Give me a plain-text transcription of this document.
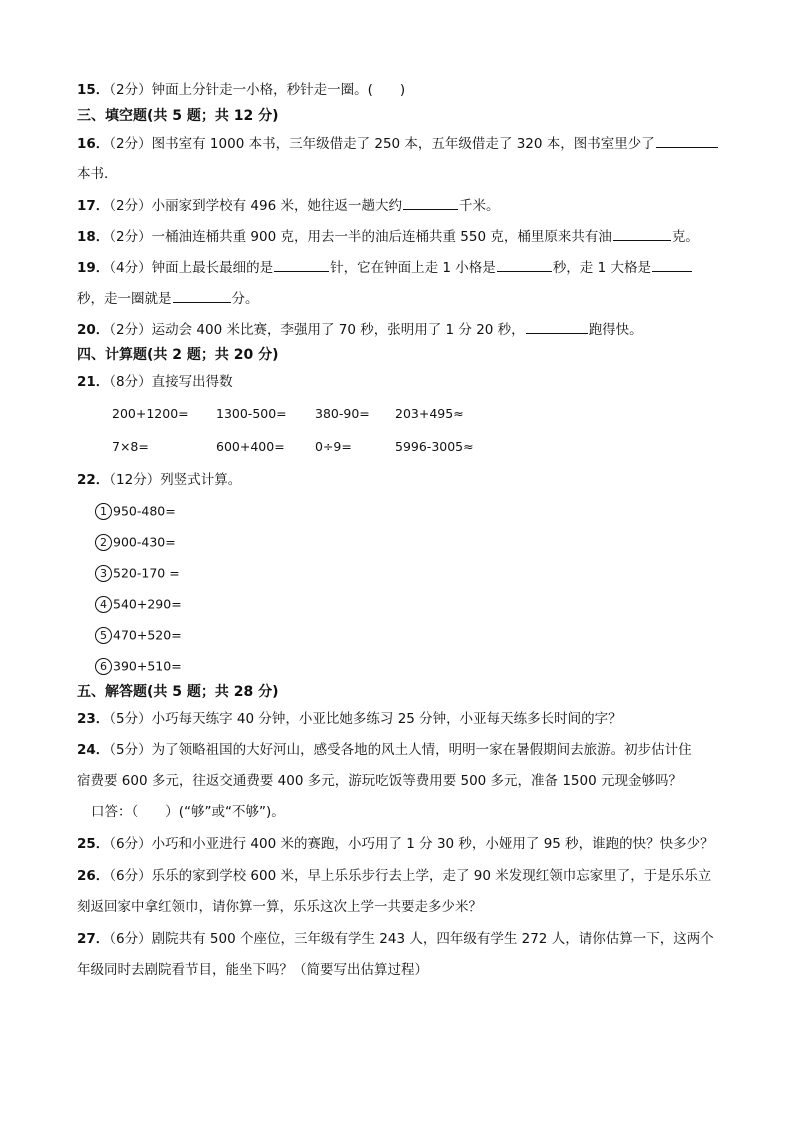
15．（2分）钟面上分针走一小格，秒针走一圈。(　　)
三、填空题(共 5 题；共 12 分)
16．（2分）图书室有 1000 本书，三年级借走了 250 本，五年级借走了 320 本，图书室里少了
本书．
17．（2分）小丽家到学校有 496 米，她往返一趟大约	千米。
18．（2分）一桶油连桶共重 900 克，用去一半的油后连桶共重 550 克，桶里原来共有油	克。
19．（4分）钟面上最长最细的是	针，它在钟面上走 1 小格是	秒，走 1 大格是
秒，走一圈就是	分。
20．（2分）运动会 400 米比赛，李强用了 70 秒，张明用了 1 分 20 秒，	跑得快。
四、计算题(共 2 题；共 20 分)
21．（8分）直接写出得数
200+1200= 1300-500= 380-90= 203+495≈
7×8=	600+400= 0÷9=	5996-3005≈
22．（12分）列竖式计算。
1 950-480=
2 900-430=
3 520-170 =
4 540+290=
5 470+520=
6 390+510=
五、解答题(共 5 题；共 28 分)
23．（5分）小巧每天练字 40 分钟，小亚比她多练习 25 分钟，小亚每天练多长时间的字？
24．（5分）为了领略祖国的大好河山，感受各地的风土人情，明明一家在暑假期间去旅游。初步估计住
宿费要 600 多元，往返交通费要 400 多元，游玩吃饭等费用要 500 多元，准备 1500 元现金够吗？
口答：（　　）(“够”或“不够”)。
25．（6分）小巧和小亚进行 400 米的赛跑，小巧用了 1 分 30 秒，小娅用了 95 秒，谁跑的快？快多少？
26．（6分）乐乐的家到学校 600 米，早上乐乐步行去上学，走了 90 米发现红领巾忘家里了，于是乐乐立
刻返回家中拿红领巾，请你算一算，乐乐这次上学一共要走多少米？
27．（6分）剧院共有 500 个座位，三年级有学生 243 人，四年级有学生 272 人，请你估算一下，这两个
年级同时去剧院看节目，能坐下吗？（简要写出估算过程）
